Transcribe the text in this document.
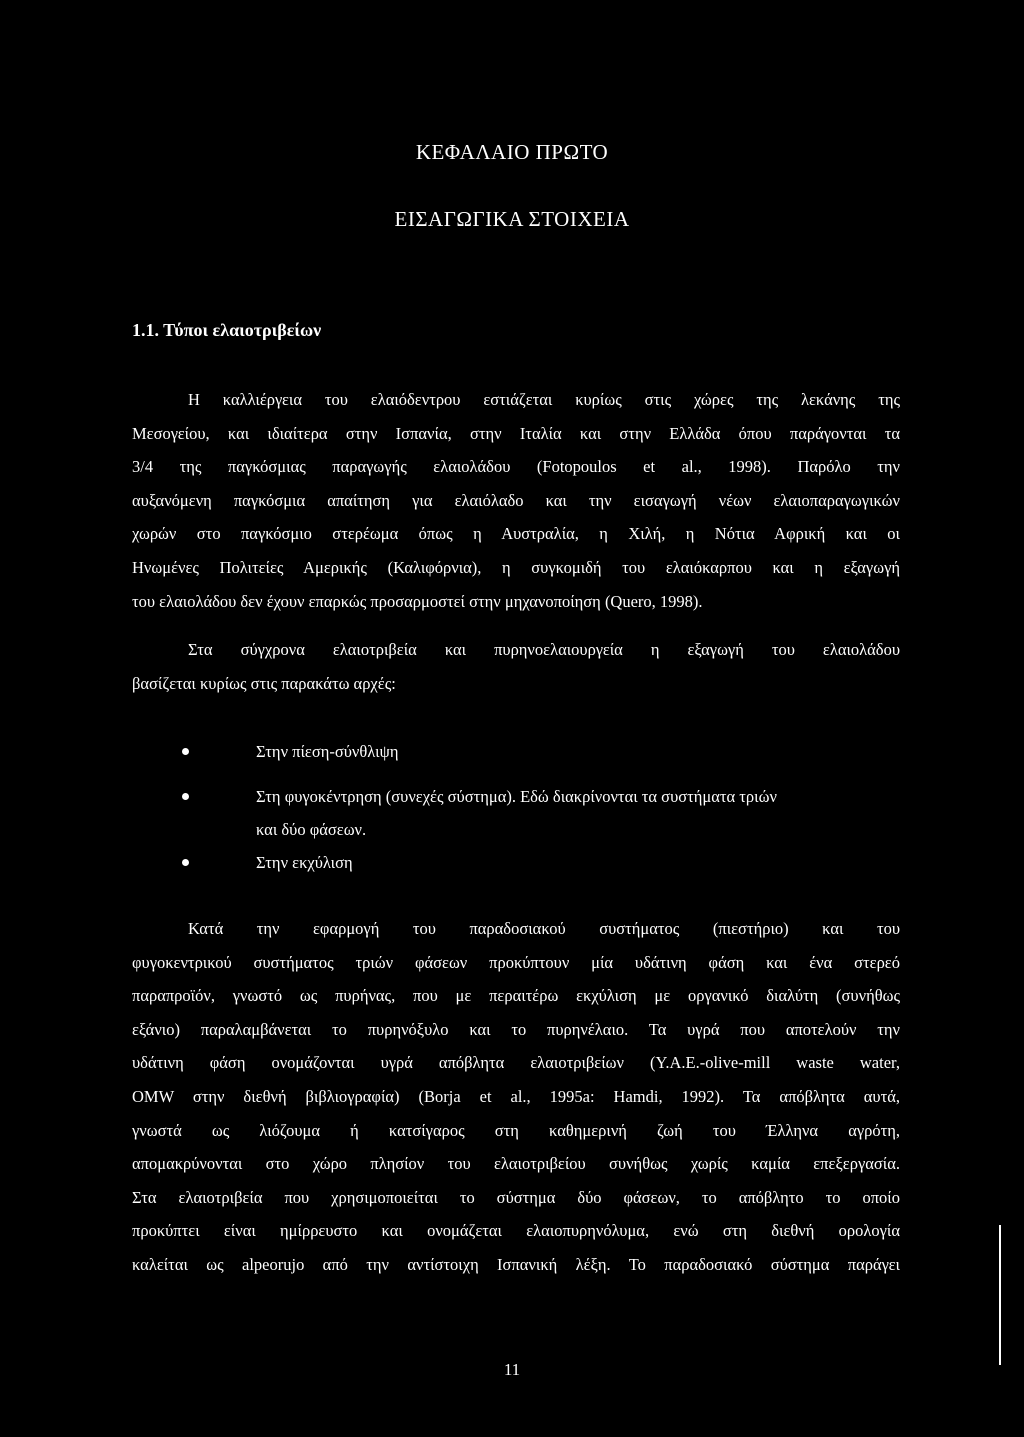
ΚΕΦΑΛΑΙΟ ΠΡΩΤΟ
ΕΙΣΑΓΩΓΙΚΑ ΣΤΟΙΧΕΙΑ
1.1. Τύποι ελαιοτριβείων
Η καλλιέργεια του ελαιόδεντρου εστιάζεται κυρίως στις χώρες της λεκάνης της
Μεσογείου, και ιδιαίτερα στην Ισπανία, στην Ιταλία και στην Ελλάδα όπου παράγονται τα
3/4 της παγκόσμιας παραγωγής ελαιολάδου (Fotopoulos et al., 1998). Παρόλο την
αυξανόμενη παγκόσμια απαίτηση για ελαιόλαδο και την εισαγωγή νέων ελαιοπαραγωγικών
χωρών στο παγκόσμιο στερέωμα όπως η Αυστραλία, η Χιλή, η Νότια Αφρική και οι
Ηνωμένες Πολιτείες Αμερικής (Καλιφόρνια), η συγκομιδή του ελαιόκαρπου και η εξαγωγή
του ελαιολάδου δεν έχουν επαρκώς προσαρμοστεί στην μηχανοποίηση (Quero, 1998).
Στα σύγχρονα ελαιοτριβεία και πυρηνοελαιουργεία η εξαγωγή του ελαιολάδου
βασίζεται κυρίως στις παρακάτω αρχές:
Στην πίεση-σύνθλιψη
Στη φυγοκέντρηση (συνεχές σύστημα). Εδώ διακρίνονται τα συστήματα τριών
και δύο φάσεων.
Στην εκχύλιση
Κατά την εφαρμογή του παραδοσιακού συστήματος (πιεστήριο) και του
φυγοκεντρικού συστήματος τριών φάσεων προκύπτουν μία υδάτινη φάση και ένα στερεό
παραπροϊόν, γνωστό ως πυρήνας, που με περαιτέρω εκχύλιση με οργανικό διαλύτη (συνήθως
εξάνιο) παραλαμβάνεται το πυρηνόξυλο και το πυρηνέλαιο. Τα υγρά που αποτελούν την
υδάτινη φάση ονομάζονται υγρά απόβλητα ελαιοτριβείων (Υ.Α.Ε.-olive-mill waste water,
OMW στην διεθνή βιβλιογραφία) (Borja et al., 1995a: Hamdi, 1992). Τα απόβλητα αυτά,
γνωστά ως λιόζουμα ή κατσίγαρος στη καθημερινή ζωή του Έλληνα αγρότη,
απομακρύνονται στο χώρο πλησίον του ελαιοτριβείου συνήθως χωρίς καμία επεξεργασία.
Στα ελαιοτριβεία που χρησιμοποιείται το σύστημα δύο φάσεων, το απόβλητο το οποίο
προκύπτει είναι ημίρρευστο και ονομάζεται ελαιοπυρηνόλυμα, ενώ στη διεθνή ορολογία
καλείται ως alpeorujo από την αντίστοιχη Ισπανική λέξη. Το παραδοσιακό σύστημα παράγει
11
